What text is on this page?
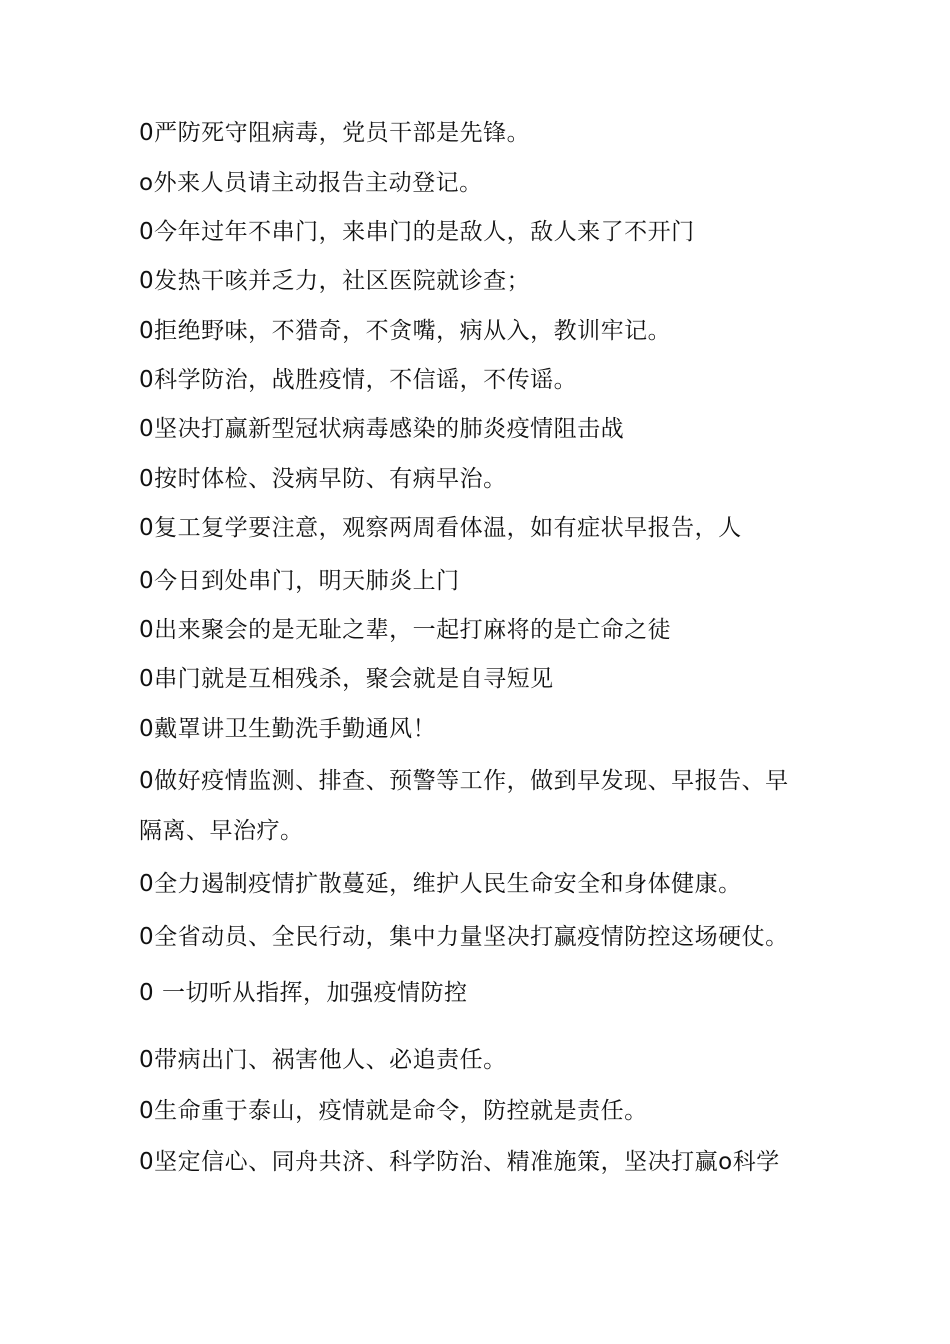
0严防死守阻病毒，党员干部是先锋。
o外来人员请主动报告主动登记。
0今年过年不串门，来串门的是敌人，敌人来了不开门
0发热干咳并乏力，社区医院就诊查；
0拒绝野味，不猎奇，不贪嘴，病从入，教训牢记。
0科学防治，战胜疫情，不信谣，不传谣。
0坚决打赢新型冠状病毒感染的肺炎疫情阻击战
0按时体检、没病早防、有病早治。
0复工复学要注意，观察两周看体温，如有症状早报告，人
0今日到处串门，明天肺炎上门
0出来聚会的是无耻之辈，一起打麻将的是亡命之徒
0串门就是互相残杀，聚会就是自寻短见
0戴罩讲卫生勤洗手勤通风！
0做好疫情监测、排查、预警等工作，做到早发现、早报告、早
隔离、早治疗。
0全力遏制疫情扩散蔓延，维护人民生命安全和身体健康。
0全省动员、全民行动，集中力量坚决打赢疫情防控这场硬仗。
0 一切听从指挥，加强疫情防控
0带病出门、祸害他人、必追责任。
0生命重于泰山，疫情就是命令，防控就是责任。
0坚定信心、同舟共济、科学防治、精准施策，坚决打赢o科学
